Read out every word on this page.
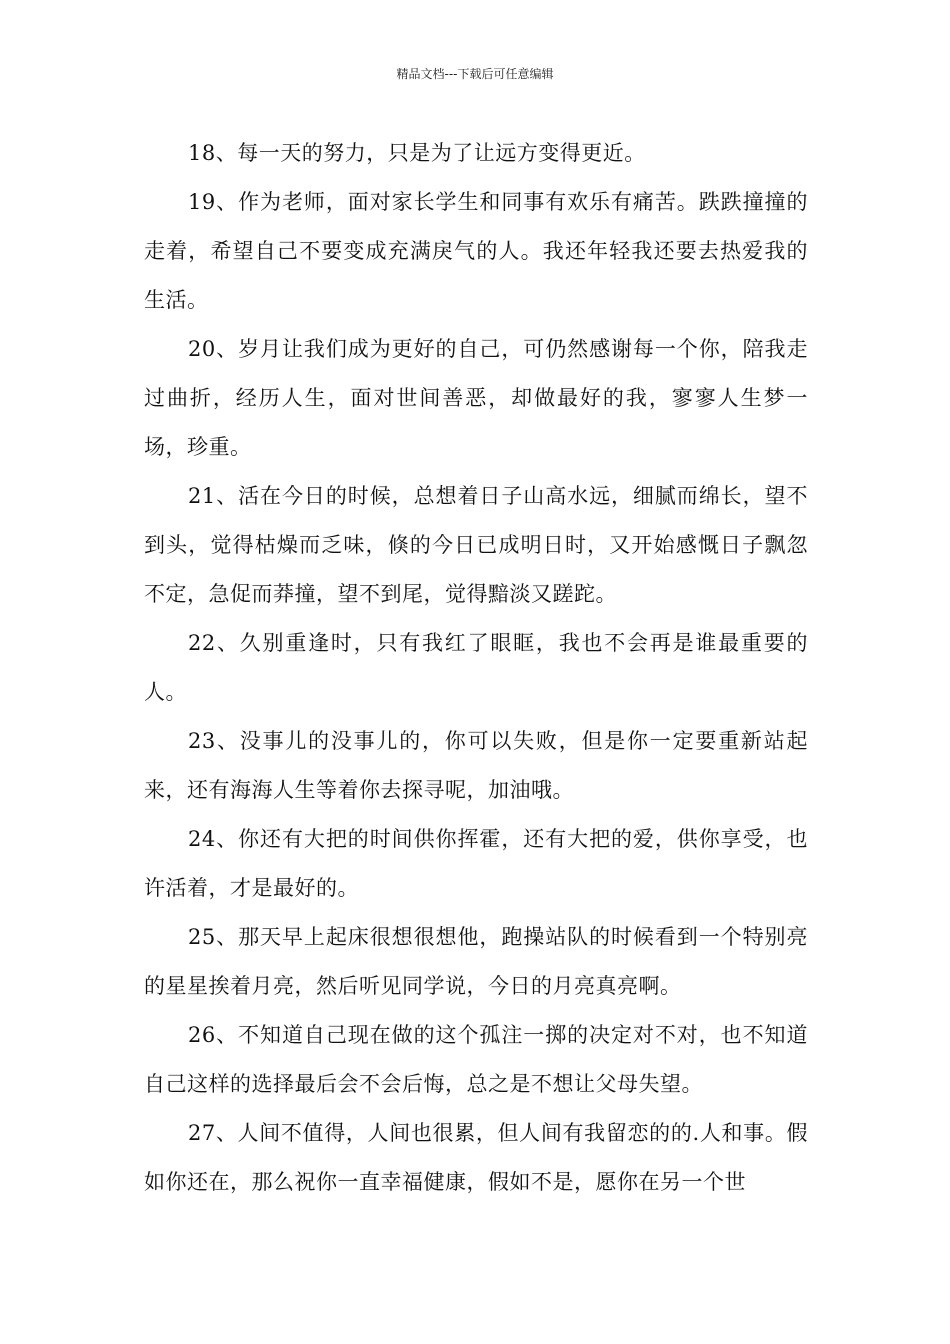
精品文档---下载后可任意编辑

18、每一天的努力，只是为了让远方变得更近。

19、作为老师，面对家长学生和同事有欢乐有痛苦。跌跌撞撞的走着，希望自己不要变成充满戾气的人。我还年轻我还要去热爱我的生活。

20、岁月让我们成为更好的自己，可仍然感谢每一个你，陪我走过曲折，经历人生，面对世间善恶，却做最好的我，寥寥人生梦一场，珍重。

21、活在今日的时候，总想着日子山高水远，细腻而绵长，望不到头，觉得枯燥而乏味，倏的今日已成明日时，又开始感慨日子飘忽不定，急促而莽撞，望不到尾，觉得黯淡又蹉跎。

22、久别重逢时，只有我红了眼眶，我也不会再是谁最重要的人。

23、没事儿的没事儿的，你可以失败，但是你一定要重新站起来，还有海海人生等着你去探寻呢，加油哦。

24、你还有大把的时间供你挥霍，还有大把的爱，供你享受，也许活着，才是最好的。

25、那天早上起床很想很想他，跑操站队的时候看到一个特别亮的星星挨着月亮，然后听见同学说，今日的月亮真亮啊。

26、不知道自己现在做的这个孤注一掷的决定对不对，也不知道自己这样的选择最后会不会后悔，总之是不想让父母失望。

27、人间不值得，人间也很累，但人间有我留恋的的.人和事。假如你还在，那么祝你一直幸福健康，假如不是，愿你在另一个世
